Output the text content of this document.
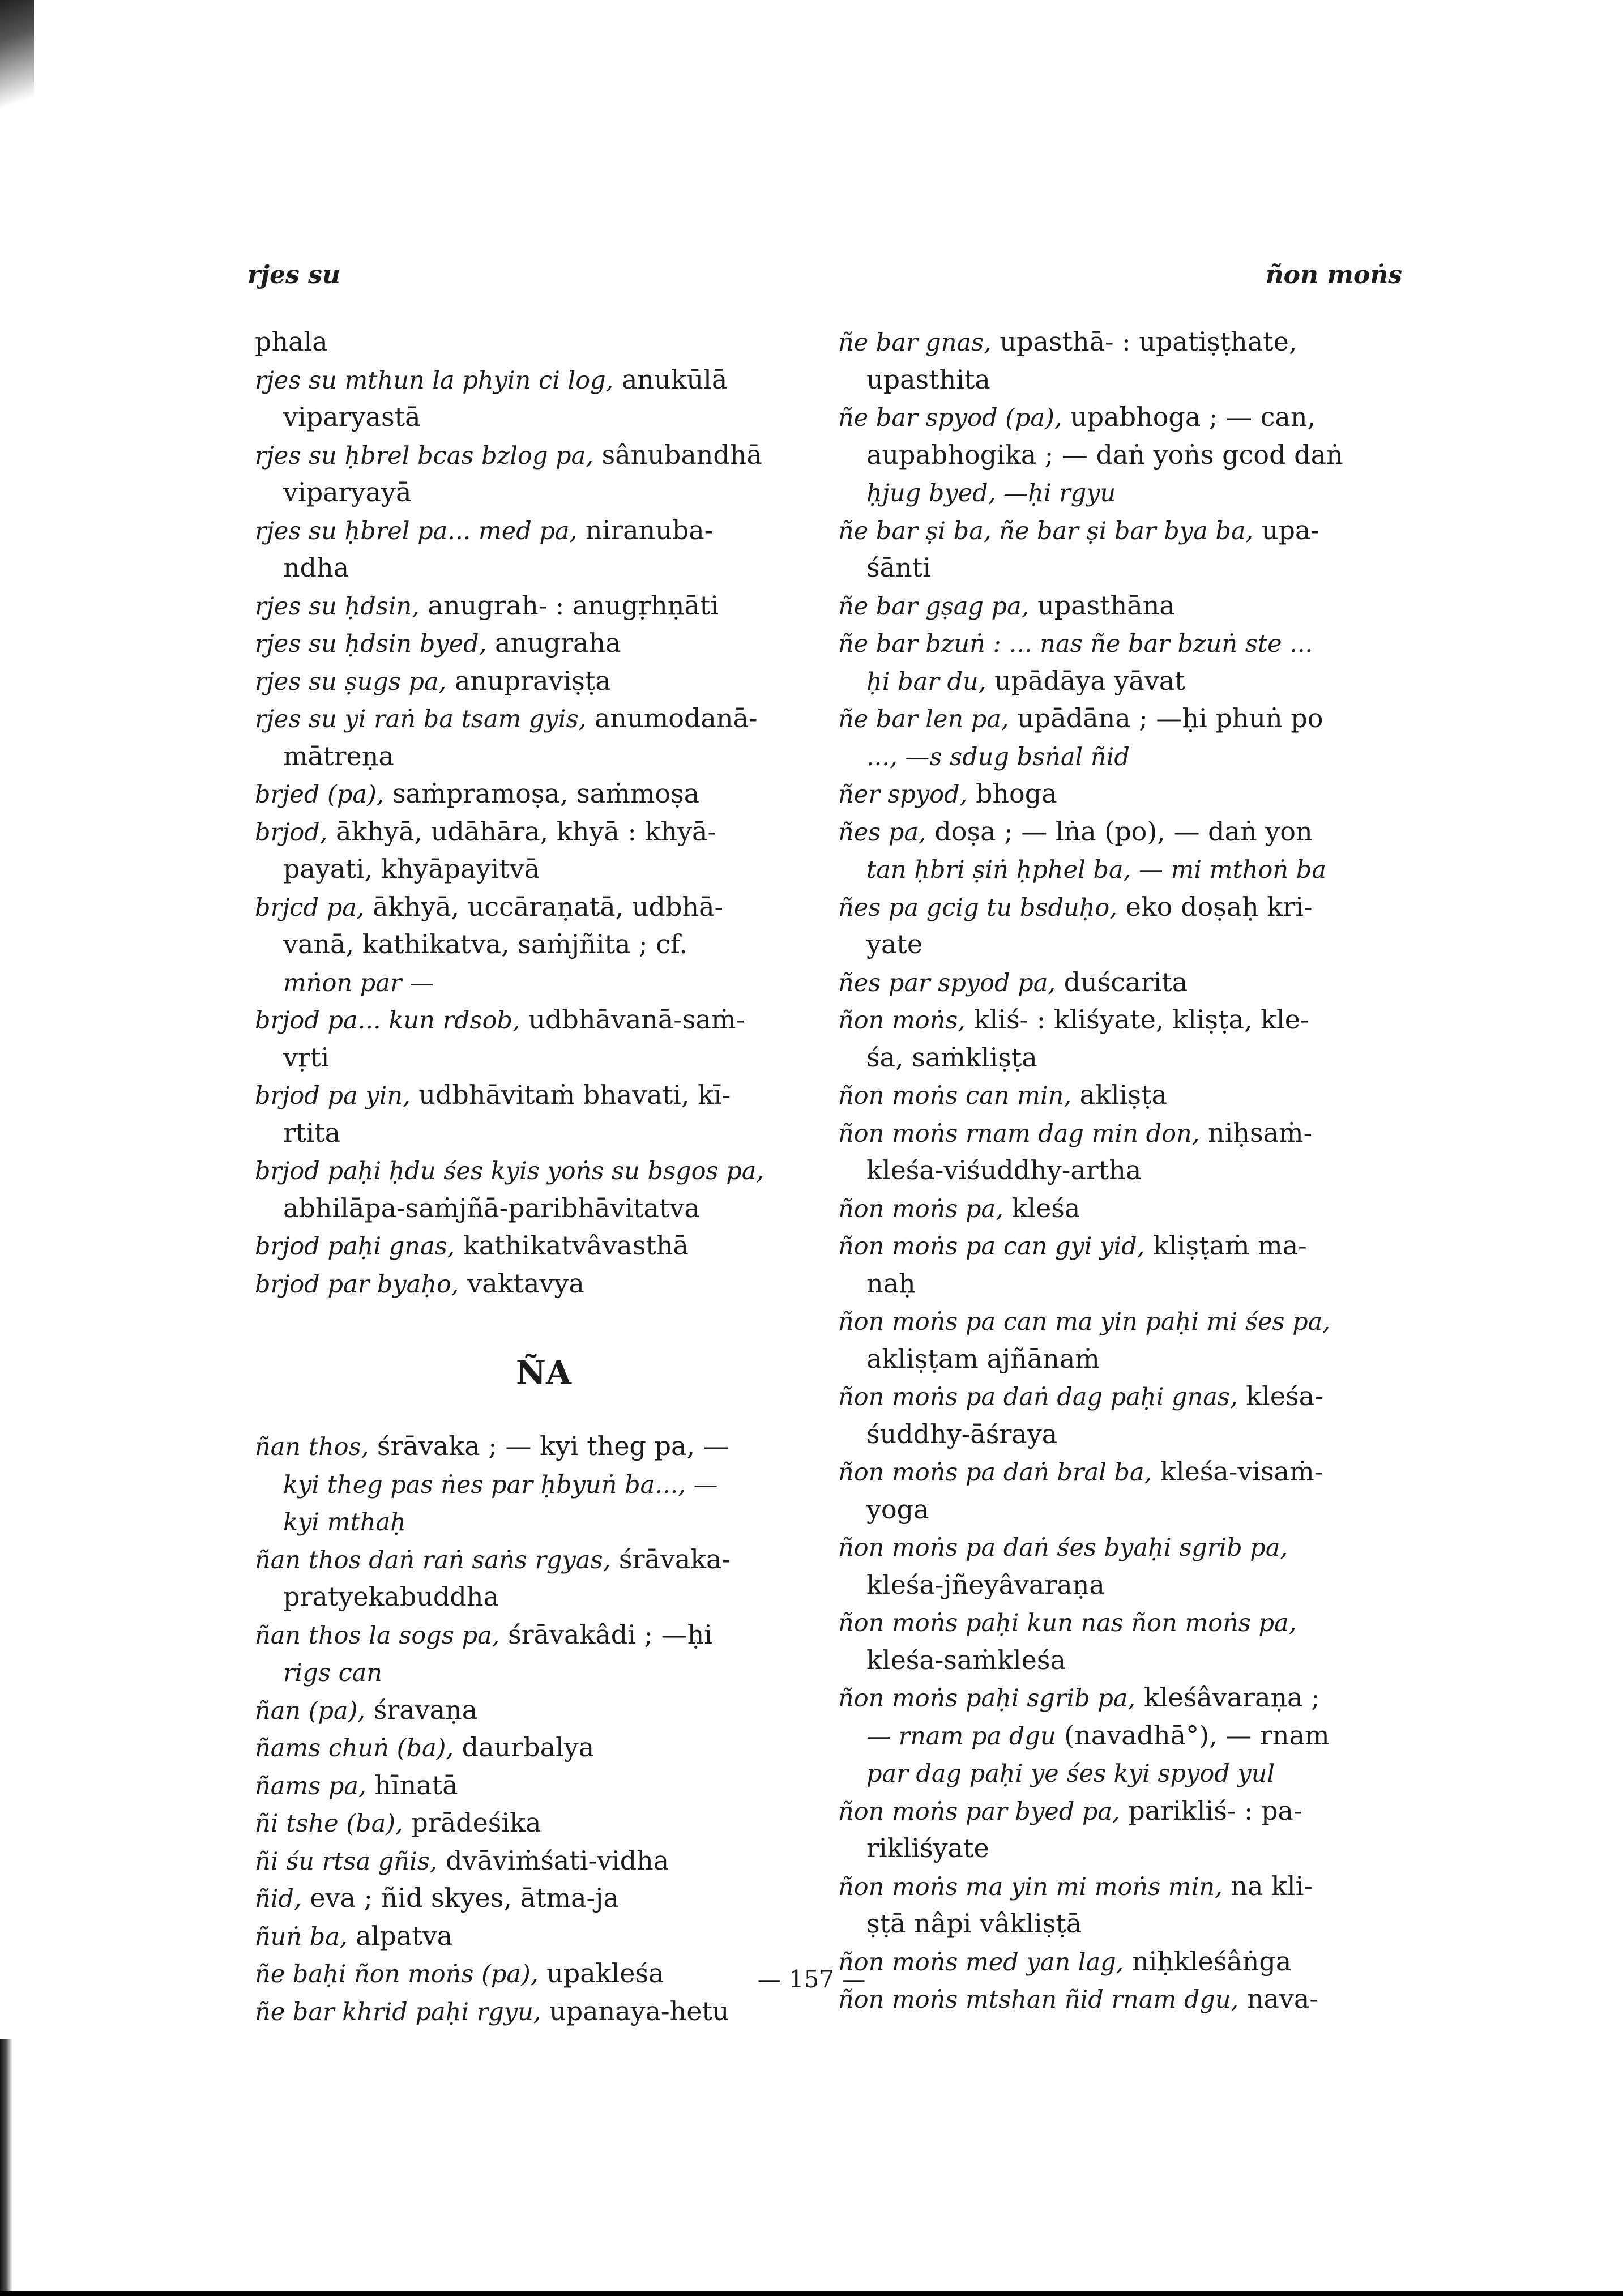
rjes su	ñon moṅs
phala
rjes su mthun la phyin ci log, anukūlā
viparyastā
rjes su ḥbrel bcas bzlog pa, sânubandhā
viparyayā
rjes su ḥbrel pa... med pa, niranuba-
ndha
rjes su ḥdsin, anugrah- : anugṛhṇāti
rjes su ḥdsin byed, anugraha
rjes su ṣugs pa, anupraviṣṭa
rjes su yi raṅ ba tsam gyis, anumodanā-
mātreṇa
brjed (pa), saṁpramoṣa, saṁmoṣa
brjod, ākhyā, udāhāra, khyā : khyā-
payati, khyāpayitvā
brjcd pa, ākhyā, uccāraṇatā, udbhā-
vanā, kathikatva, saṁjñita ; cf.
mṅon par —
brjod pa... kun rdsob, udbhāvanā-saṁ-
vṛti
brjod pa yin, udbhāvitaṁ bhavati, kī-
rtita
brjod paḥi ḥdu śes kyis yoṅs su bsgos pa,
abhilāpa-saṁjñā-paribhāvitatva
brjod paḥi gnas, kathikatvâvasthā
brjod par byaḥo, vaktavya
ÑA
ñan thos, śrāvaka ; — kyi theg pa, —
kyi theg pas ṅes par ḥbyuṅ ba..., —
kyi mthaḥ
ñan thos daṅ raṅ saṅs rgyas, śrāvaka-
pratyekabuddha
ñan thos la sogs pa, śrāvakâdi ; —ḥi
rigs can
ñan (pa), śravaṇa
ñams chuṅ (ba), daurbalya
ñams pa, hīnatā
ñi tshe (ba), prādeśika
ñi śu rtsa gñis, dvāviṁśati-vidha
ñid, eva ; ñid skyes, ātma-ja
ñuṅ ba, alpatva
ñe baḥi ñon moṅs (pa), upakleśa
ñe bar khrid paḥi rgyu, upanaya-hetu
ñe bar gnas, upasthā- : upatiṣṭhate,
upasthita
ñe bar spyod (pa), upabhoga ; — can,
aupabhogika ; — daṅ yoṅs gcod daṅ
ḥjug byed, —ḥi rgyu
ñe bar ṣi ba, ñe bar ṣi bar bya ba, upa-
śānti
ñe bar gṣag pa, upasthāna
ñe bar bzuṅ : ... nas ñe bar bzuṅ ste ...
ḥi bar du, upādāya yāvat
ñe bar len pa, upādāna ; —ḥi phuṅ po
..., —s sdug bsṅal ñid
ñer spyod, bhoga
ñes pa, doṣa ; — lṅa (po), — daṅ yon
tan ḥbri ṣiṅ ḥphel ba, — mi mthoṅ ba
ñes pa gcig tu bsduḥo, eko doṣaḥ kri-
yate
ñes par spyod pa, duścarita
ñon moṅs, kliś- : kliśyate, kliṣṭa, kle-
śa, saṁkliṣṭa
ñon moṅs can min, akliṣṭa
ñon moṅs rnam dag min don, niḥsaṁ-
kleśa-viśuddhy-artha
ñon moṅs pa, kleśa
ñon moṅs pa can gyi yid, kliṣṭaṁ ma-
naḥ
ñon moṅs pa can ma yin paḥi mi śes pa,
akliṣṭam ajñānaṁ
ñon moṅs pa daṅ dag paḥi gnas, kleśa-
śuddhy-āśraya
ñon moṅs pa daṅ bral ba, kleśa-visaṁ-
yoga
ñon moṅs pa daṅ śes byaḥi sgrib pa,
kleśa-jñeyâvaraṇa
ñon moṅs paḥi kun nas ñon moṅs pa,
kleśa-saṁkleśa
ñon moṅs paḥi sgrib pa, kleśâvaraṇa ;
— rnam pa dgu (navadhā°), — rnam
par dag paḥi ye śes kyi spyod yul
ñon moṅs par byed pa, parikliś- : pa-
rikliśyate
ñon moṅs ma yin mi moṅs min, na kli-
ṣṭā nâpi vâkliṣṭā
ñon moṅs med yan lag, niḥkleśâṅga
ñon moṅs mtshan ñid rnam dgu, nava-
— 157 —
